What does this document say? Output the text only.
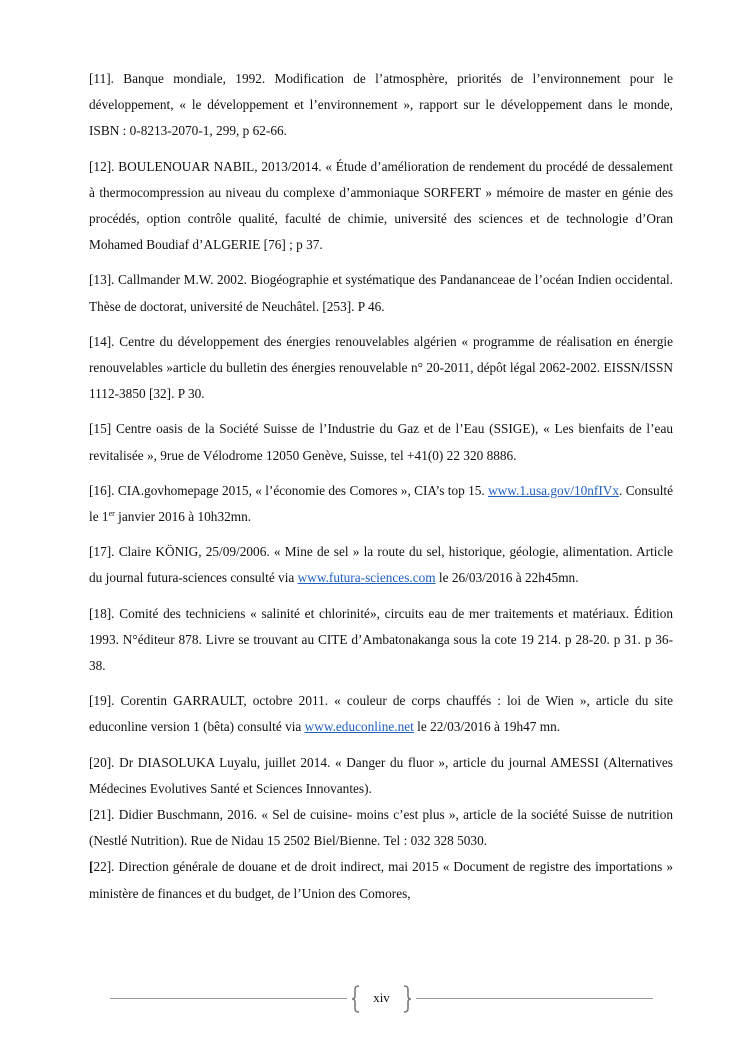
[11]. Banque mondiale, 1992. Modification de l’atmosphère, priorités de l’environnement pour le développement, « le développement et l’environnement », rapport sur le développement dans le monde, ISBN : 0-8213-2070-1, 299, p 62-66.

[12]. BOULENOUAR NABIL, 2013/2014. « Étude d’amélioration de rendement du procédé de dessalement à thermocompression au niveau du complexe d’ammoniaque SORFERT » mémoire de master en génie des procédés, option contrôle qualité, faculté de chimie, université des sciences et de technologie d’Oran Mohamed Boudiaf d’ALGERIE [76] ; p 37.

[13]. Callmander M.W. 2002. Biogéographie et systématique des Pandananceae de l’océan Indien occidental. Thèse de doctorat, université de Neuchâtel. [253]. P 46.

[14]. Centre du développement des énergies renouvelables algérien « programme de réalisation en énergie renouvelables »article du bulletin des énergies renouvelable n° 20-2011, dépôt légal 2062-2002. EISSN/ISSN 1112-3850 [32]. P 30.

[15] Centre oasis de la Société Suisse de l’Industrie du Gaz et de l’Eau (SSIGE), « Les bienfaits de l’eau revitalisée », 9rue de Vélodrome 12050 Genève, Suisse, tel +41(0) 22 320 8886.

[16]. CIA.govhomepage 2015, « l’économie des Comores », CIA’s top 15. www.1.usa.gov/10nfIVx. Consulté le 1er janvier 2016 à 10h32mn.

[17]. Claire KÖNIG, 25/09/2006. « Mine de sel » la route du sel, historique, géologie, alimentation. Article du journal futura-sciences consulté via www.futura-sciences.com le 26/03/2016 à 22h45mn.

[18]. Comité des techniciens « salinité et chlorinité», circuits eau de mer traitements et matériaux. Édition 1993. N°éditeur 878. Livre se trouvant au CITE d’Ambatonakanga sous la cote 19 214. p 28-20. p 31. p 36-38.

[19]. Corentin GARRAULT, octobre 2011. « couleur de corps chauffés : loi de Wien », article du site educonline version 1 (bêta) consulté via www.educonline.net le 22/03/2016 à 19h47 mn.

[20]. Dr DIASOLUKA Luyalu, juillet 2014. « Danger du fluor », article du journal AMESSI (Alternatives Médecines Evolutives Santé et Sciences Innovantes).

[21]. Didier Buschmann, 2016. « Sel de cuisine- moins c’est plus », article de la société Suisse de nutrition (Nestlé Nutrition). Rue de Nidau 15 2502 Biel/Bienne. Tel : 032 328 5030.

[22]. Direction générale de douane et de droit indirect, mai 2015 « Document de registre des importations » ministère de finances et du budget, de l’Union des Comores,

xiv
